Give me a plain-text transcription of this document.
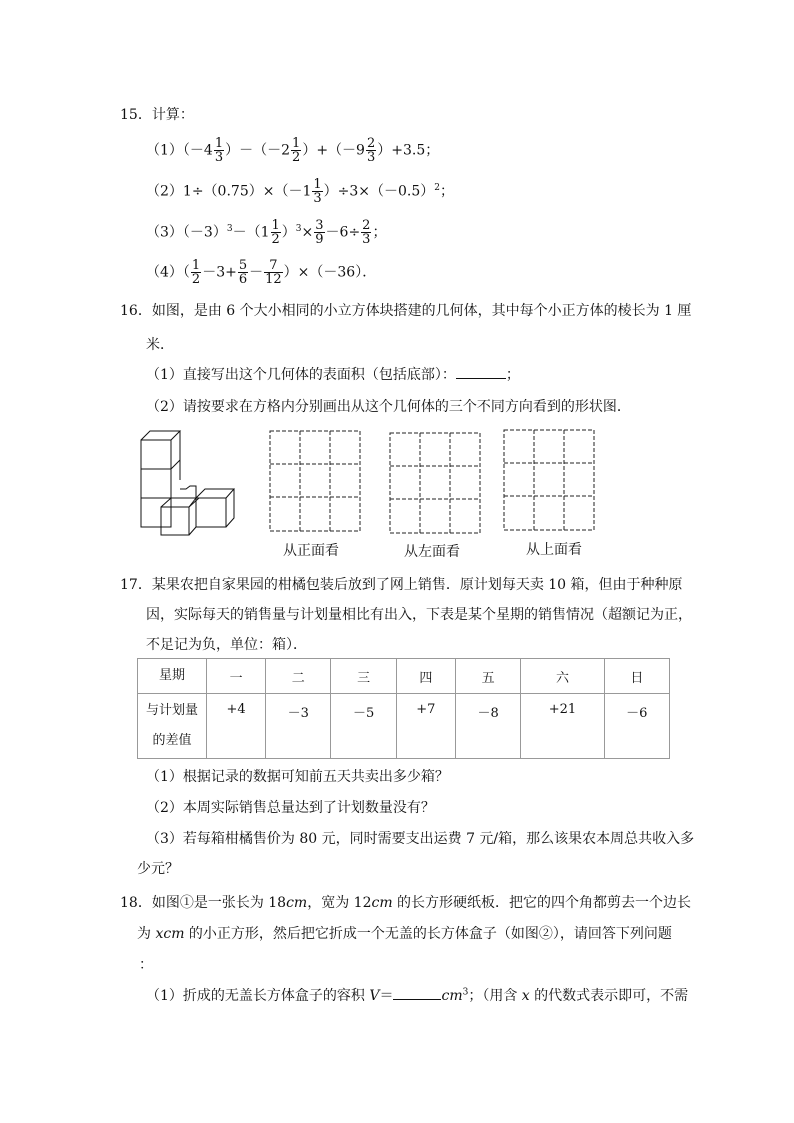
15．计算：
$(1)(-4 \frac{1}{3} )-(-2 \frac{1}{2} )+(-9 \frac{2}{3} )+3.5$；
$(2)1\div(0.75)\times(-1 \frac{1}{3} )\div 3\times(-0.5)^2$；
$(3)(-3)^3-(1 \frac{1}{2} )^3\times \frac{3}{9} -6\div \frac{2}{3}$ ；
$(4)( \frac{1}{2} -3+ \frac{5}{6} - \frac{7}{12} )\times(-36)$．
16．如图，是由 6 个大小相同的小立方体块搭建的几何体，其中每个小正方体的棱长为 1 厘
米．
（1）直接写出这个几何体的表面积（包括底部）：	；
（2）请按要求在方格内分别画出从这个几何体的三个不同方向看到的形状图．
从正面看	从左面看	从上面看
17．某果农把自家果园的柑橘包装后放到了网上销售．原计划每天卖 10 箱，但由于种种原
因，实际每天的销售量与计划量相比有出入，下表是某个星期的销售情况（超额记为正，
不足记为负，单位：箱）．
星期	一	二	三	四	五	六	日
与计划量
的差值	+4	－3	－5	+7	－8	+21	－6
（1）根据记录的数据可知前五天共卖出多少箱？
（2）本周实际销售总量达到了计划数量没有？
（3）若每箱柑橘售价为 80 元，同时需要支出运费 7 元/箱，那么该果农本周总共收入多
少元？
18．如图①是一张长为 18cm，宽为 12cm 的长方形硬纸板．把它的四个角都剪去一个边长
为 xcm 的小正方形，然后把它折成一个无盖的长方体盒子（如图②），请回答下列问题
：
（1）折成的无盖长方体盒子的容积 V＝	$cm^3$；（用含 x 的代数式表示即可，不需
